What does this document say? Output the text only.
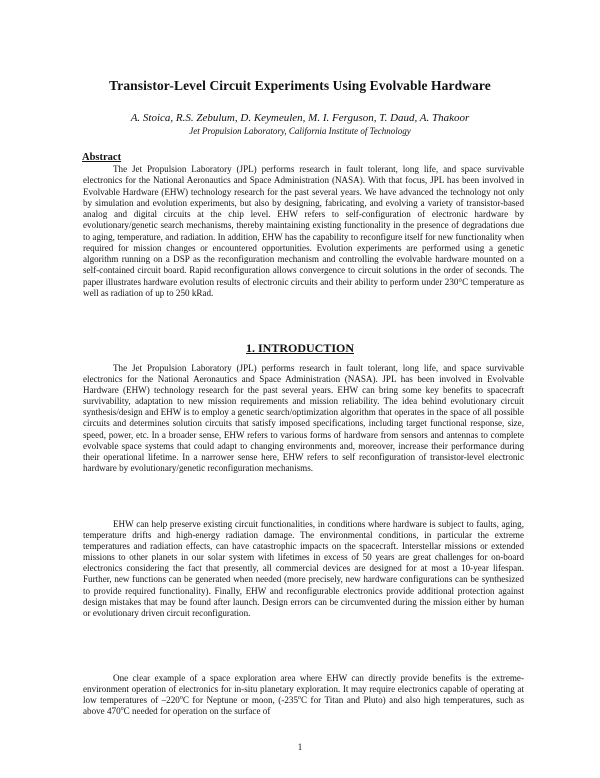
Transistor-Level Circuit Experiments Using Evolvable Hardware
A. Stoica, R.S. Zebulum, D. Keymeulen, M. I. Ferguson, T. Daud, A. Thakoor
Jet Propulsion Laboratory, California Institute of Technology
Abstract

The Jet Propulsion Laboratory (JPL) performs research in fault tolerant, long life, and space survivable electronics for the National Aeronautics and Space Administration (NASA). With that focus, JPL has been involved in Evolvable Hardware (EHW) technology research for the past several years. We have advanced the technology not only by simulation and evolution experiments, but also by designing, fabricating, and evolving a variety of transistor-based analog and digital circuits at the chip level. EHW refers to self-configuration of electronic hardware by evolutionary/genetic search mechanisms, thereby maintaining existing functionality in the presence of degradations due to aging, temperature, and radiation. In addition, EHW has the capability to reconfigure itself for new functionality when required for mission changes or encountered opportunities. Evolution experiments are performed using a genetic algorithm running on a DSP as the reconfiguration mechanism and controlling the evolvable hardware mounted on a self-contained circuit board. Rapid reconfiguration allows convergence to circuit solutions in the order of seconds. The paper illustrates hardware evolution results of electronic circuits and their ability to perform under 230°C temperature as well as radiation of up to 250 kRad.

1. INTRODUCTION

The Jet Propulsion Laboratory (JPL) performs research in fault tolerant, long life, and space survivable electronics for the National Aeronautics and Space Administration (NASA). JPL has been involved in Evolvable Hardware (EHW) technology research for the past several years. EHW can bring some key benefits to spacecraft survivability, adaptation to new mission requirements and mission reliability. The idea behind evolutionary circuit synthesis/design and EHW is to employ a genetic search/optimization algorithm that operates in the space of all possible circuits and determines solution circuits that satisfy imposed specifications, including target functional response, size, speed, power, etc. In a broader sense, EHW refers to various forms of hardware from sensors and antennas to complete evolvable space systems that could adapt to changing environments and, moreover, increase their performance during their operational lifetime. In a narrower sense here, EHW refers to self reconfiguration of transistor-level electronic hardware by evolutionary/genetic reconfiguration mechanisms.

EHW can help preserve existing circuit functionalities, in conditions where hardware is subject to faults, aging, temperature drifts and high-energy radiation damage. The environmental conditions, in particular the extreme temperatures and radiation effects, can have catastrophic impacts on the spacecraft. Interstellar missions or extended missions to other planets in our solar system with lifetimes in excess of 50 years are great challenges for on-board electronics considering the fact that presently, all commercial devices are designed for at most a 10-year lifespan. Further, new functions can be generated when needed (more precisely, new hardware configurations can be synthesized to provide required functionality). Finally, EHW and reconfigurable electronics provide additional protection against design mistakes that may be found after launch. Design errors can be circumvented during the mission either by human or evolutionary driven circuit reconfiguration.

One clear example of a space exploration area where EHW can directly provide benefits is the extreme-environment operation of electronics for in-situ planetary exploration. It may require electronics capable of operating at low temperatures of –220$^o$C for Neptune or moon, (-235$^o$C for Titan and Pluto) and also high temperatures, such as above 470$^o$C needed for operation on the surface of

1
